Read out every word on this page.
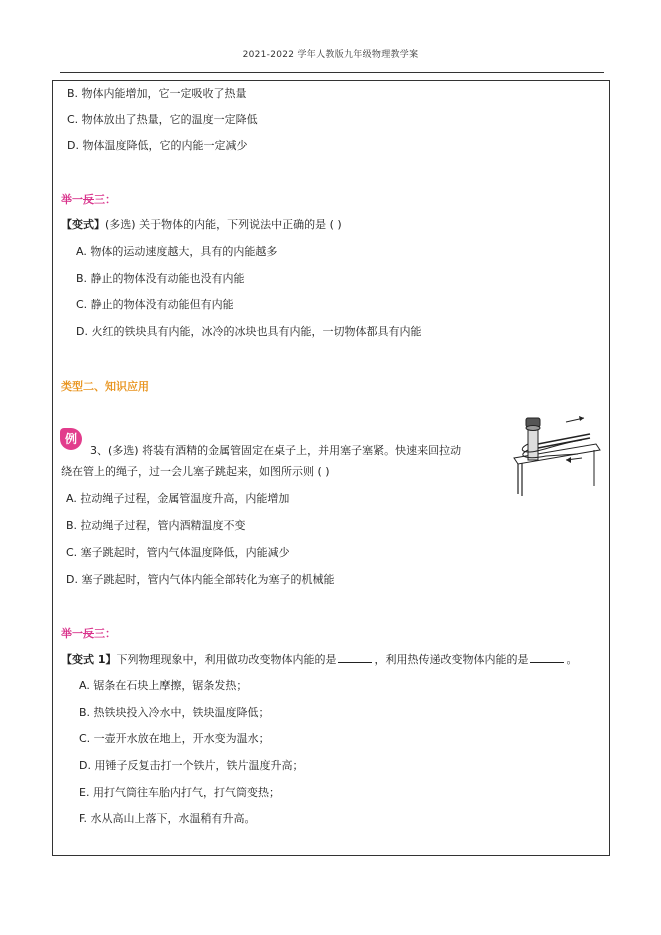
2021-2022 学年人教版九年级物理教学案
B. 物体内能增加，它一定吸收了热量
C. 物体放出了热量，它的温度一定降低
D. 物体温度降低，它的内能一定减少
举一反三：
【变式】(多选) 关于物体的内能，下列说法中正确的是 ( )
A. 物体的运动速度越大，具有的内能越多
B. 静止的物体没有动能也没有内能
C. 静止的物体没有动能但有内能
D. 火红的铁块具有内能，冰冷的冰块也具有内能，一切物体都具有内能
类型二、知识应用
例
3、(多选) 将装有酒精的金属管固定在桌子上，并用塞子塞紧。快速来回拉动
绕在管上的绳子，过一会儿塞子跳起来，如图所示则 ( )
A. 拉动绳子过程，金属管温度升高，内能增加
B. 拉动绳子过程，管内酒精温度不变
C. 塞子跳起时，管内气体温度降低，内能减少
D. 塞子跳起时，管内气体内能全部转化为塞子的机械能
举一反三：
【变式 1】下列物理现象中，利用做功改变物体内能的是	，利用热传递改变物体内能的是	。
A. 锯条在石块上摩擦，锯条发热；
B. 热铁块投入冷水中，铁块温度降低；
C. 一壶开水放在地上，开水变为温水；
D. 用锤子反复击打一个铁片，铁片温度升高；
E. 用打气筒往车胎内打气，打气筒变热；
F. 水从高山上落下，水温稍有升高。
